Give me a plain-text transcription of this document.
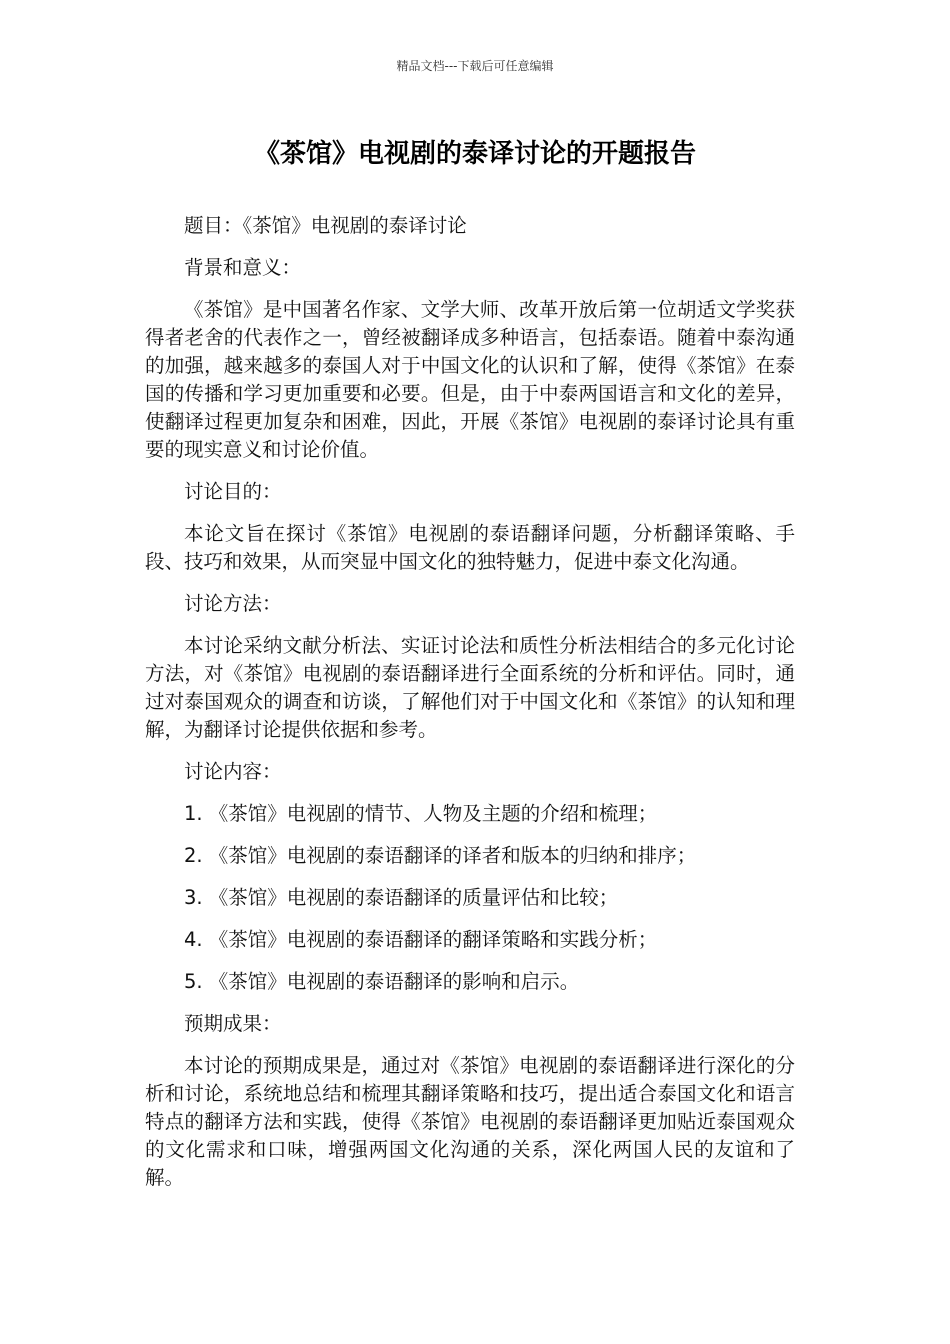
精品文档---下载后可任意编辑
《茶馆》电视剧的泰译讨论的开题报告
题目：《茶馆》电视剧的泰译讨论
背景和意义：
《茶馆》是中国著名作家、文学大师、改革开放后第一位胡适文学奖获得者老舍的代表作之一，曾经被翻译成多种语言，包括泰语。随着中泰沟通的加强，越来越多的泰国人对于中国文化的认识和了解，使得《茶馆》在泰国的传播和学习更加重要和必要。但是，由于中泰两国语言和文化的差异，使翻译过程更加复杂和困难，因此，开展《茶馆》电视剧的泰译讨论具有重要的现实意义和讨论价值。
讨论目的：
本论文旨在探讨《茶馆》电视剧的泰语翻译问题，分析翻译策略、手段、技巧和效果，从而突显中国文化的独特魅力，促进中泰文化沟通。
讨论方法：
本讨论采纳文献分析法、实证讨论法和质性分析法相结合的多元化讨论方法，对《茶馆》电视剧的泰语翻译进行全面系统的分析和评估。同时，通过对泰国观众的调查和访谈，了解他们对于中国文化和《茶馆》的认知和理解，为翻译讨论提供依据和参考。
讨论内容：
1. 《茶馆》电视剧的情节、人物及主题的介绍和梳理；
2. 《茶馆》电视剧的泰语翻译的译者和版本的归纳和排序；
3. 《茶馆》电视剧的泰语翻译的质量评估和比较；
4. 《茶馆》电视剧的泰语翻译的翻译策略和实践分析；
5. 《茶馆》电视剧的泰语翻译的影响和启示。
预期成果：
本讨论的预期成果是，通过对《茶馆》电视剧的泰语翻译进行深化的分析和讨论，系统地总结和梳理其翻译策略和技巧，提出适合泰国文化和语言特点的翻译方法和实践，使得《茶馆》电视剧的泰语翻译更加贴近泰国观众的文化需求和口味，增强两国文化沟通的关系，深化两国人民的友谊和了解。
